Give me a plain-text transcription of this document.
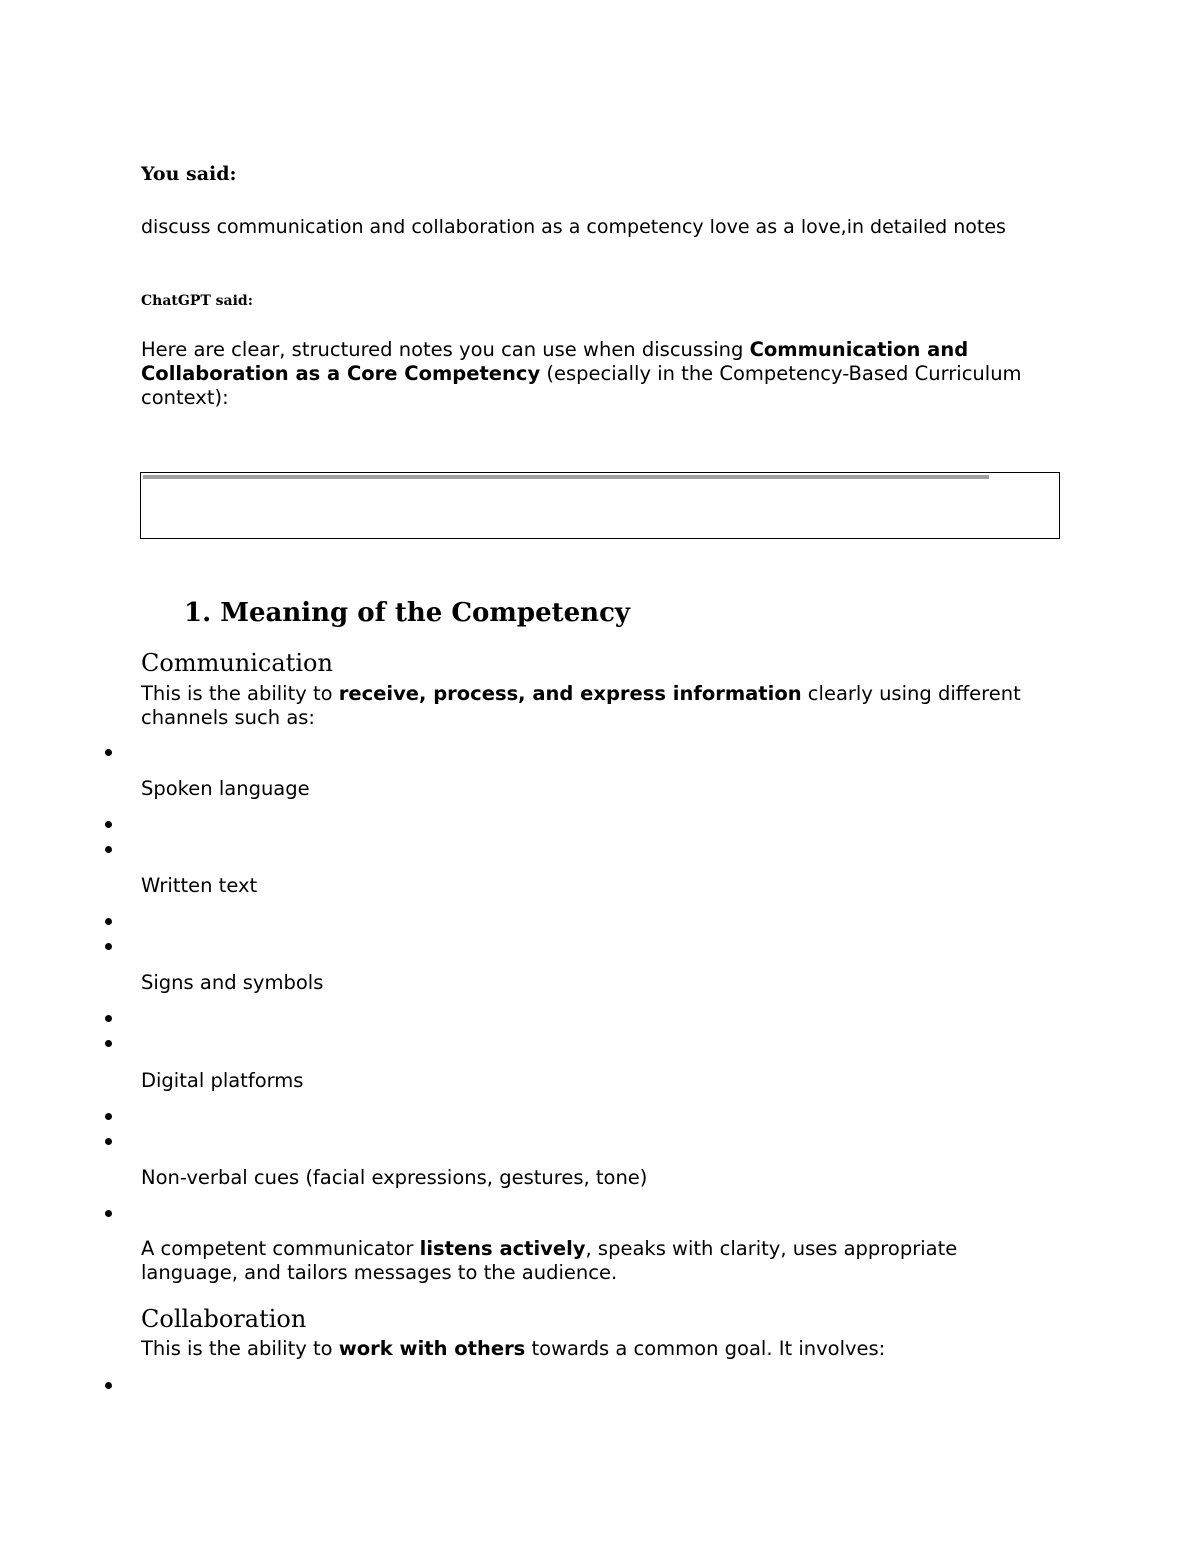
You said:
discuss communication and collaboration as a competency love as a love,in detailed notes
ChatGPT said:
Here are clear, structured notes you can use when discussing Communication and Collaboration as a Core Competency (especially in the Competency-Based Curriculum context):
1. Meaning of the Competency
Communication
This is the ability to receive, process, and express information clearly using different channels such as:
Spoken language
Written text
Signs and symbols
Digital platforms
Non-verbal cues (facial expressions, gestures, tone)
A competent communicator listens actively, speaks with clarity, uses appropriate language, and tailors messages to the audience.
Collaboration
This is the ability to work with others towards a common goal. It involves:
